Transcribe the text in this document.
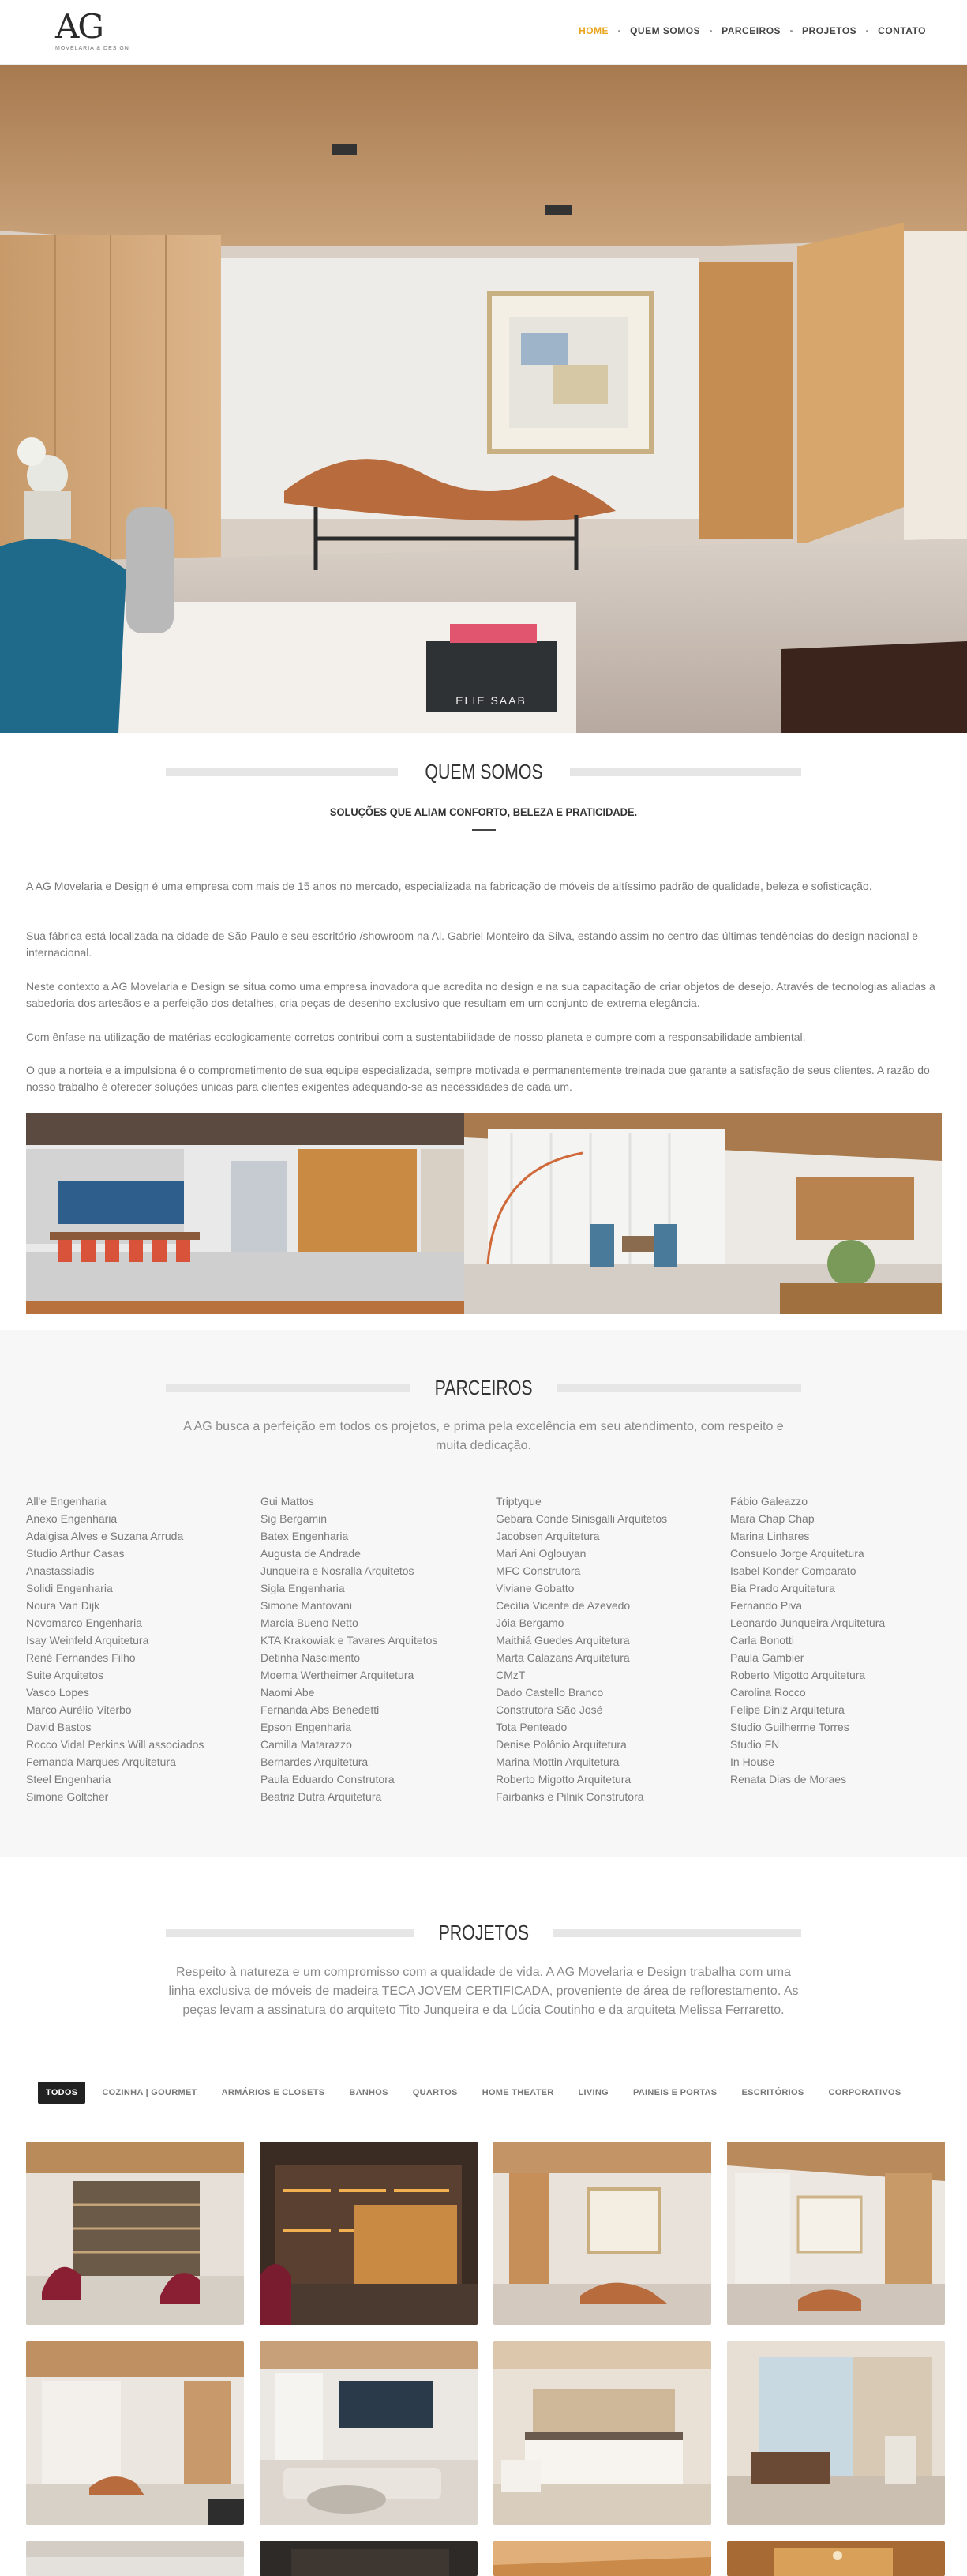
AG
MOVELARIA & DESIGN
HOME QUEM SOMOS PARCEIROS PROJETOS CONTATO
ELIE SAAB
QUEM SOMOS
SOLUÇÕES QUE ALIAM CONFORTO, BELEZA E PRATICIDADE.

A AG Movelaria e Design é uma empresa com mais de 15 anos no mercado, especializada na fabricação de móveis de altíssimo padrão de qualidade, beleza e sofisticação.

Sua fábrica está localizada na cidade de São Paulo e seu escritório /showroom na Al. Gabriel Monteiro da Silva, estando assim no centro das últimas tendências do design nacional e internacional.

Neste contexto a AG Movelaria e Design se situa como uma empresa inovadora que acredita no design e na sua capacitação de criar objetos de desejo. Através de tecnologias aliadas a sabedoria dos artesãos e a perfeição dos detalhes, cria peças de desenho exclusivo que resultam em um conjunto de extrema elegância.

Com ênfase na utilização de matérias ecologicamente corretos contribui com a sustentabilidade de nosso planeta e cumpre com a responsabilidade ambiental.

O que a norteia e a impulsiona é o comprometimento de sua equipe especializada, sempre motivada e permanentemente treinada que garante a satisfação de seus clientes. A razão do nosso trabalho é oferecer soluções únicas para clientes exigentes adequando-se as necessidades de cada um.

PARCEIROS

A AG busca a perfeição em todos os projetos, e prima pela excelência em seu atendimento, com respeito e muita dedicação.

All'e Engenharia
Anexo Engenharia
Adalgisa Alves e Suzana Arruda
Studio Arthur Casas
Anastassiadis
Solidi Engenharia
Noura Van Dijk
Novomarco Engenharia
Isay Weinfeld Arquitetura
René Fernandes Filho
Suite Arquitetos
Vasco Lopes
Marco Aurélio Viterbo
David Bastos
Rocco Vidal Perkins Will associados
Fernanda Marques Arquitetura
Steel Engenharia
Simone Goltcher
Gui Mattos
Sig Bergamin
Batex Engenharia
Augusta de Andrade
Junqueira e Nosralla Arquitetos
Sigla Engenharia
Simone Mantovani
Marcia Bueno Netto
KTA Krakowiak e Tavares Arquitetos
Detinha Nascimento
Moema Wertheimer Arquitetura
Naomi Abe
Fernanda Abs Benedetti
Epson Engenharia
Camilla Matarazzo
Bernardes Arquitetura
Paula Eduardo Construtora
Beatriz Dutra Arquitetura
Triptyque
Gebara Conde Sinisgalli Arquitetos
Jacobsen Arquitetura
Mari Ani Oglouyan
MFC Construtora
Viviane Gobatto
Cecília Vicente de Azevedo
Jóia Bergamo
Maithiá Guedes Arquitetura
Marta Calazans Arquitetura
CMzT
Dado Castello Branco
Construtora São José
Tota Penteado
Denise Polônio Arquitetura
Marina Mottin Arquitetura
Roberto Migotto Arquitetura
Fairbanks e Pilnik Construtora
Fábio Galeazzo
Mara Chap Chap
Marina Linhares
Consuelo Jorge Arquitetura
Isabel Konder Comparato
Bia Prado Arquitetura
Fernando Piva
Leonardo Junqueira Arquitetura
Carla Bonotti
Paula Gambier
Roberto Migotto Arquitetura
Carolina Rocco
Felipe Diniz Arquitetura
Studio Guilherme Torres
Studio FN
In House
Renata Dias de Moraes
PROJETOS

Respeito à natureza e um compromisso com a qualidade de vida. A AG Movelaria e Design trabalha com uma linha exclusiva de móveis de madeira TECA JOVEM CERTIFICADA, proveniente de área de reflorestamento. As peças levam a assinatura do arquiteto Tito Junqueira e da Lúcia Coutinho e da arquiteta Melissa Ferraretto.

TODOS	COZINHA | GOURMET	ARMÁRIOS E CLOSETS	BANHOS	QUARTOS	HOME THEATER	LIVING	PAINEIS E PORTAS	ESCRITÓRIOS	CORPORATIVOS
